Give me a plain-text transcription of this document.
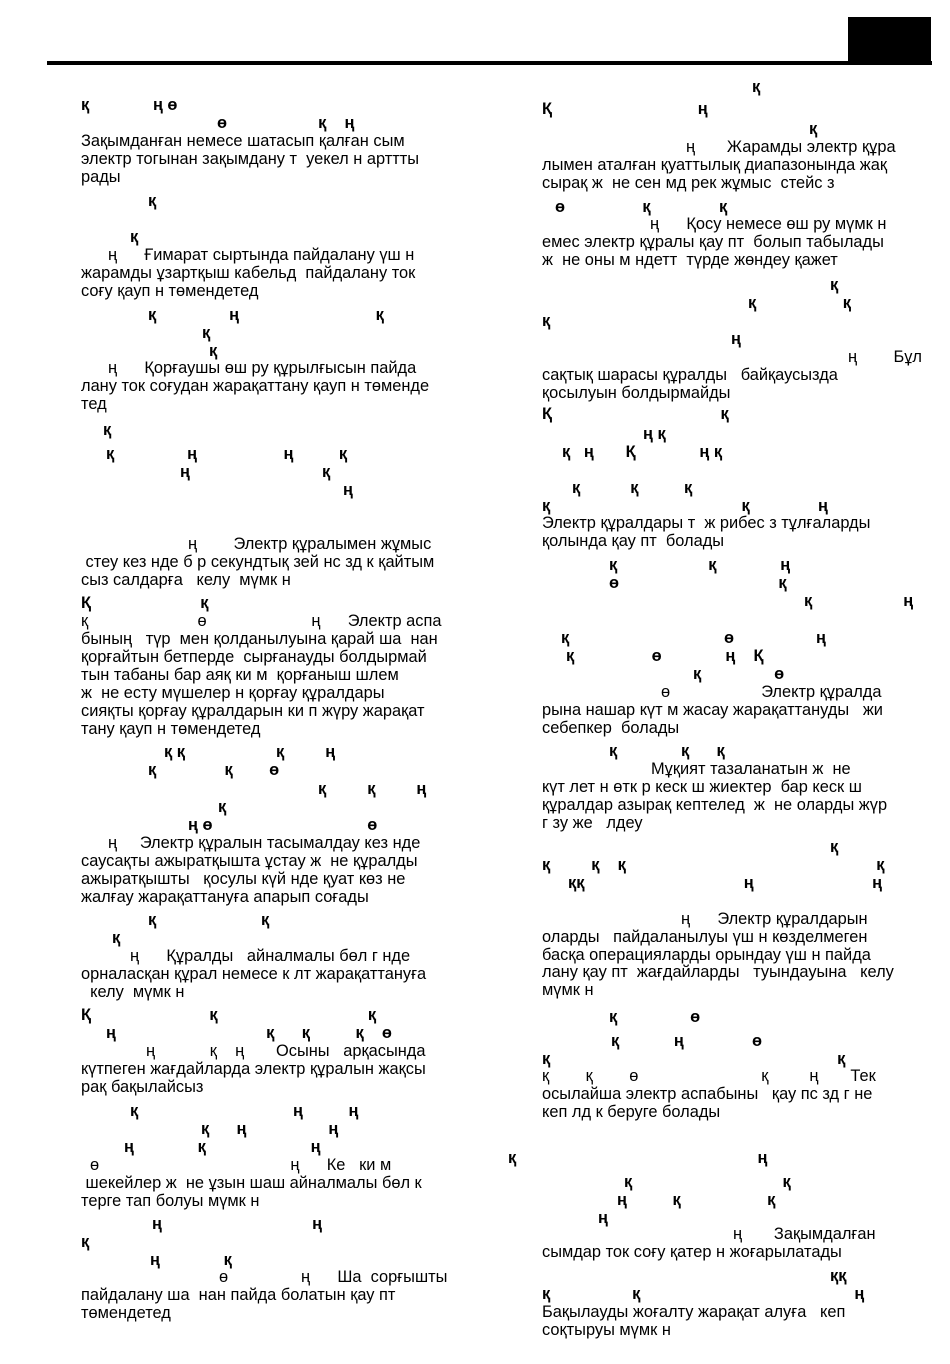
қ              ң ө

ө                    қ    ң

Зақымданған немесе шатасып қалған сым

электр тогынан зақымдану т  уекел н арттты

рады

қ

қ

ң      Ғимарат сыртында пайдалану үш н

жарамды ұзартқыш кабельд  пайдалану ток

соғу қауп н төмендетед

қ                ң                              қ

қ

қ

ң      Қорғаушы өш ру құрылғысын пайда

лану ток соғудан жарақаттану қауп н төменде

тед

қ

қ                ң                   ң          қ

ң                             қ

ң

ң        Электр құралымен жұмыс

стеу кез нде б р секундтық зей нс зд к қайтым

сыз салдарға   келу  мүмк н

Қ                        қ

қ                        ө                       ң      Электр аспа

бының   түр  мен қолданылуына қарай ша  нан

қорғайтын бетперде  сырғанауды болдырмай

тын табаны бар аяқ ки м  қорғаныш шлем

ж  не есту мүшелер н қорғау құралдары

сияқты қорғау құралдарын ки п жүру жарақат

тану қауп н төмендетед

қ қ                    қ         ң

қ               қ        ө

қ         қ         ң

қ

ң ө                                  ө

ң     Электр құралын тасымалдау кез нде

саусақты ажыратқышта ұстау ж  не құралды

ажыратқышты   қосулы күй нде қуат көз не

жалғау жарақаттануға апарып соғады

қ                       қ

қ

ң      Құралды   айналмалы бөл г нде

орналасқан құрал немесе к лт жарақаттануға

келу  мүмк н

Қ                          қ                                 қ

ң                                 қ      қ          қ    ө

ң            қ    ң       Осыны   арқасында

күтпеген жағдайларда электр құралын жақсы

рақ бақылайсыз

қ                                  ң          ң

қ      ң                  ң

ң              қ                       ң

ө                                          ң      Ке   ки м

шекейлер ж  не ұзын шаш айналмалы бөл к

терге тап болуы мүмк н

ң                                 ң

қ

ң              қ

ө                ң      Ша  сорғышты

пайдалану ша  нан пайда болатын қау пт

төмендетед

қ

Қ                                ң

қ

ң       Жарамды электр құра

лымен аталған қуаттылық диапазонында жақ

сырақ ж  не сен мд рек жұмыс  стейс з

ө                 қ               қ

ң      Қосу немесе өш ру мүмк н

емес электр құралы қау пт  болып табылады

ж  не оны м ндетт  түрде жөндеу қажет

қ

қ                   қ

қ

ң

ң        Бұл

сақтық шарасы құралды   байқаусызда

қосылуын болдырмайды

Қ                                     қ

ң қ

қ   ң       Қ              ң қ

қ           қ          қ

қ                                          қ               ң

Электр құралдары т  ж рибес з тұлғаларды

қолында қау пт  болады

қ                    қ              ң

ө                                   қ

қ                    ң

қ                                  ө                  ң

қ                 ө              ң    Қ

қ                ө

ө                    Электр құралда

рына нашар күт м жасау жарақаттануды   жи

себепкер  болады

қ              қ      қ

Мұқият тазаланатын ж  не

күт лет н өтк р кеск ш жиектер  бар кеск ш

құралдар азырақ кептелед  ж  не оларды жүр

г зу же   лдеу

қ

қ         қ    қ                                                       қ

ққ                                   ң                          ң

ң      Электр құралдарын

оларды   пайдаланылуы үш н көзделмеген

басқа операцияларды орындау үш н пайда

лану қау пт  жағдайларды   туындауына   келу

мүмк н

қ                ө

қ            ң               ө

қ                                                               қ

қ        қ        ө                           қ         ң       Тек

осылайша электр аспабыны   қау пс зд г не

кеп лд к беруге болады

қ                                                     ң

қ                                 қ

ң          қ                   қ

ң

ң       Зақымдалған

сымдар ток соғу қатер н жоғарылатады

ққ

қ                  қ                                               ң

Бақылауды жоғалту жарақат алуға   кеп

соқтыруы мүмк н
